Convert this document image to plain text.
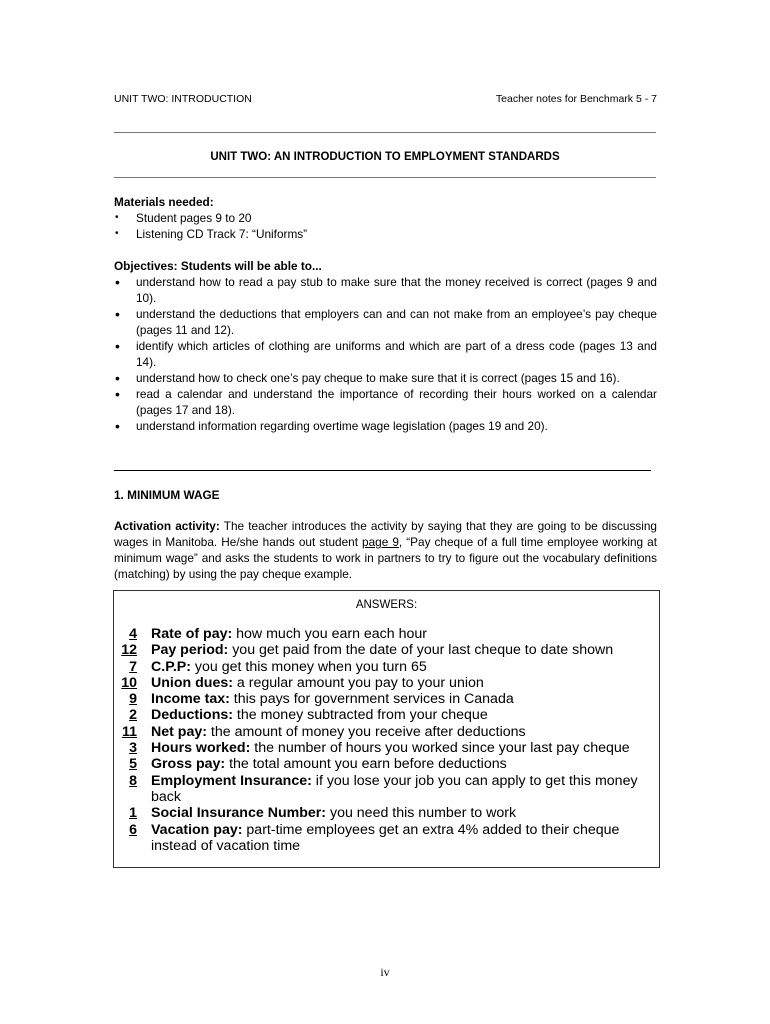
UNIT TWO: INTRODUCTION	Teacher notes for Benchmark 5 - 7
UNIT TWO: AN INTRODUCTION TO EMPLOYMENT STANDARDS
Materials needed:
• Student pages 9 to 20
• Listening CD Track 7: “Uniforms”
Objectives: Students will be able to...
• understand how to read a pay stub to make sure that the money received is correct (pages 9 and 10).
• understand the deductions that employers can and can not make from an employee’s pay cheque (pages 11 and 12).
• identify which articles of clothing are uniforms and which are part of a dress code (pages 13 and 14).
• understand how to check one’s pay cheque to make sure that it is correct (pages 15 and 16).
• read a calendar and understand the importance of recording their hours worked on a calendar (pages 17 and 18).
• understand information regarding overtime wage legislation (pages 19 and 20).
1. MINIMUM WAGE
Activation activity: The teacher introduces the activity by saying that they are going to be discussing wages in Manitoba. He/she hands out student page 9, “Pay cheque of a full time employee working at minimum wage” and asks the students to work in partners to try to figure out the vocabulary definitions (matching) by using the pay cheque example.
ANSWERS:
4 Rate of pay: how much you earn each hour
12 Pay period: you get paid from the date of your last cheque to date shown
7 C.P.P: you get this money when you turn 65
10 Union dues: a regular amount you pay to your union
9 Income tax: this pays for government services in Canada
2 Deductions: the money subtracted from your cheque
11 Net pay: the amount of money you receive after deductions
3 Hours worked: the number of hours you worked since your last pay cheque
5 Gross pay: the total amount you earn before deductions
8 Employment Insurance: if you lose your job you can apply to get this money back
1 Social Insurance Number: you need this number to work
6 Vacation pay: part-time employees get an extra 4% added to their cheque instead of vacation time
iv
